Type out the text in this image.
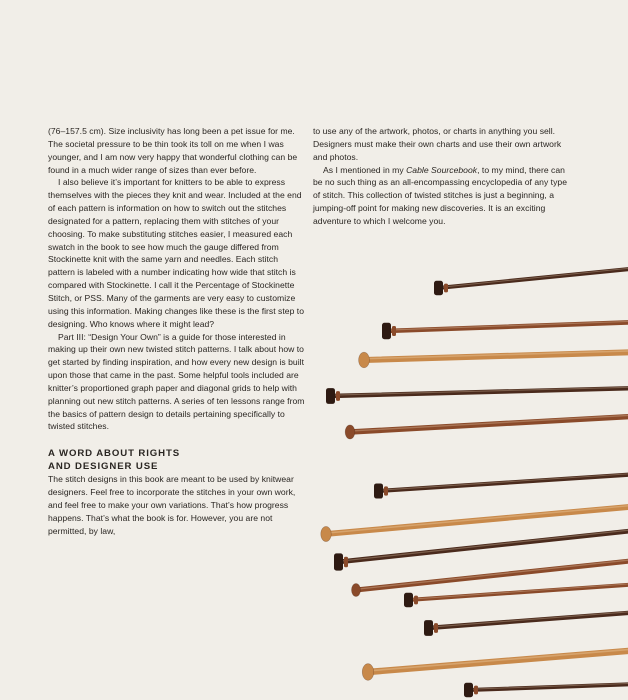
(76–157.5 cm). Size inclusivity has long been a pet issue for me. The societal pressure to be thin took its toll on me when I was younger, and I am now very happy that wonderful clothing can be found in a much wider range of sizes than ever before.

I also believe it’s important for knitters to be able to express themselves with the pieces they knit and wear. Included at the end of each pattern is information on how to switch out the stitches designated for a pattern, replacing them with stitches of your choosing. To make substituting stitches easier, I measured each swatch in the book to see how much the gauge differed from Stockinette knit with the same yarn and needles. Each stitch pattern is labeled with a number indicating how wide that stitch is compared with Stockinette. I call it the Percentage of Stockinette Stitch, or PSS. Many of the garments are very easy to customize using this information. Making changes like these is the first step to designing. Who knows where it might lead?

Part III: “Design Your Own” is a guide for those interested in making up their own new twisted stitch patterns. I talk about how to get started by finding inspiration, and how every new design is built upon those that came in the past. Some helpful tools included are knitter’s proportioned graph paper and diagonal grids to help with planning out new stitch patterns. A series of ten lessons range from the basics of pattern design to details pertaining specifically to twisted stitches.

A WORD ABOUT RIGHTS
AND DESIGNER USE

The stitch designs in this book are meant to be used by knitwear designers. Feel free to incorporate the stitches in your own work, and feel free to make your own variations. That’s how progress happens. That’s what the book is for. However, you are not permitted, by law,

to use any of the artwork, photos, or charts in anything you sell. Designers must make their own charts and use their own artwork and photos.

As I mentioned in my Cable Sourcebook, to my mind, there can be no such thing as an all-encompassing encyclopedia of any type of stitch. This collection of twisted stitches is just a beginning, a jumping-off point for making new discoveries. It is an exciting adventure to which I welcome you.
